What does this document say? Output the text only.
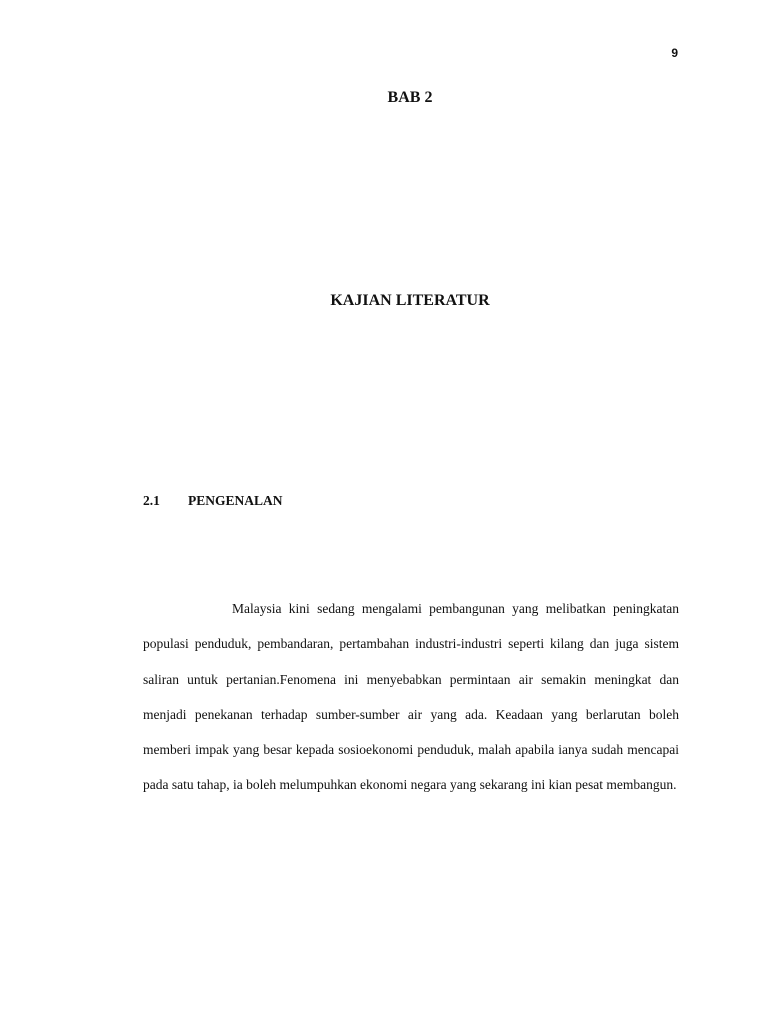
9
BAB 2
KAJIAN LITERATUR
2.1	PENGENALAN

Malaysia kini sedang mengalami pembangunan yang melibatkan peningkatan populasi penduduk, pembandaran, pertambahan industri-industri seperti kilang dan juga sistem saliran untuk pertanian.Fenomena ini menyebabkan permintaan air semakin meningkat dan menjadi penekanan terhadap sumber-sumber air yang ada. Keadaan yang berlarutan boleh memberi impak yang besar kepada sosioekonomi penduduk, malah apabila ianya sudah mencapai pada satu tahap, ia boleh melumpuhkan ekonomi negara yang sekarang ini kian pesat membangun.
